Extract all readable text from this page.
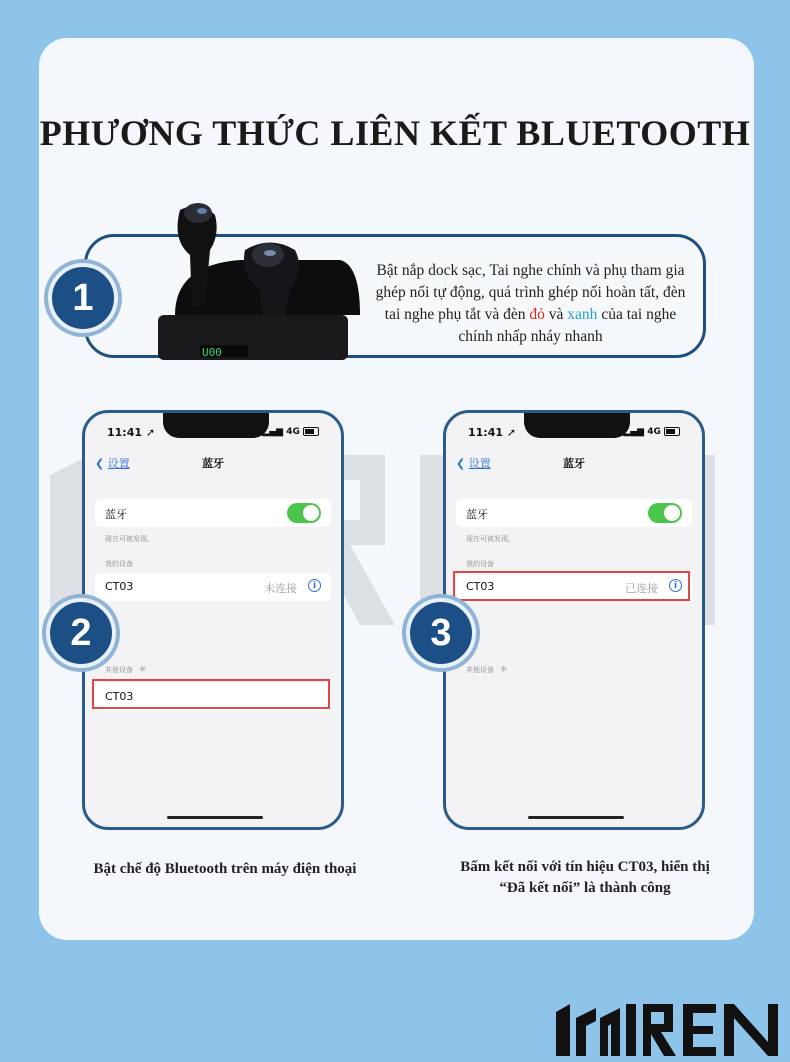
PHƯƠNG THỨC LIÊN KẾT BLUETOOTH
U00
1
Bật nắp dock sạc, Tai nghe chính và phụ tham gia ghép nối tự động, quá trình ghép nối hoàn tất, đèn tai nghe phụ tắt và đèn đỏ và xanh của tai nghe chính nhấp nháy nhanh
11:41 ➚	▂▄▆ 4G
❮ 设置	蓝牙
蓝牙
现在可被发现。
我的设备
CT03	未连接	i
其他设备 ✳
CT03
2
11:41 ➚	▂▄▆ 4G
❮ 设置	蓝牙
蓝牙
现在可被发现。
我的设备
CT03	已连接	i
其他设备 ✳
3
Bật chế độ Bluetooth trên máy điện thoại	Bấm kết nối với tín hiệu CT03, hiển thị
“Đã kết nối” là thành công
